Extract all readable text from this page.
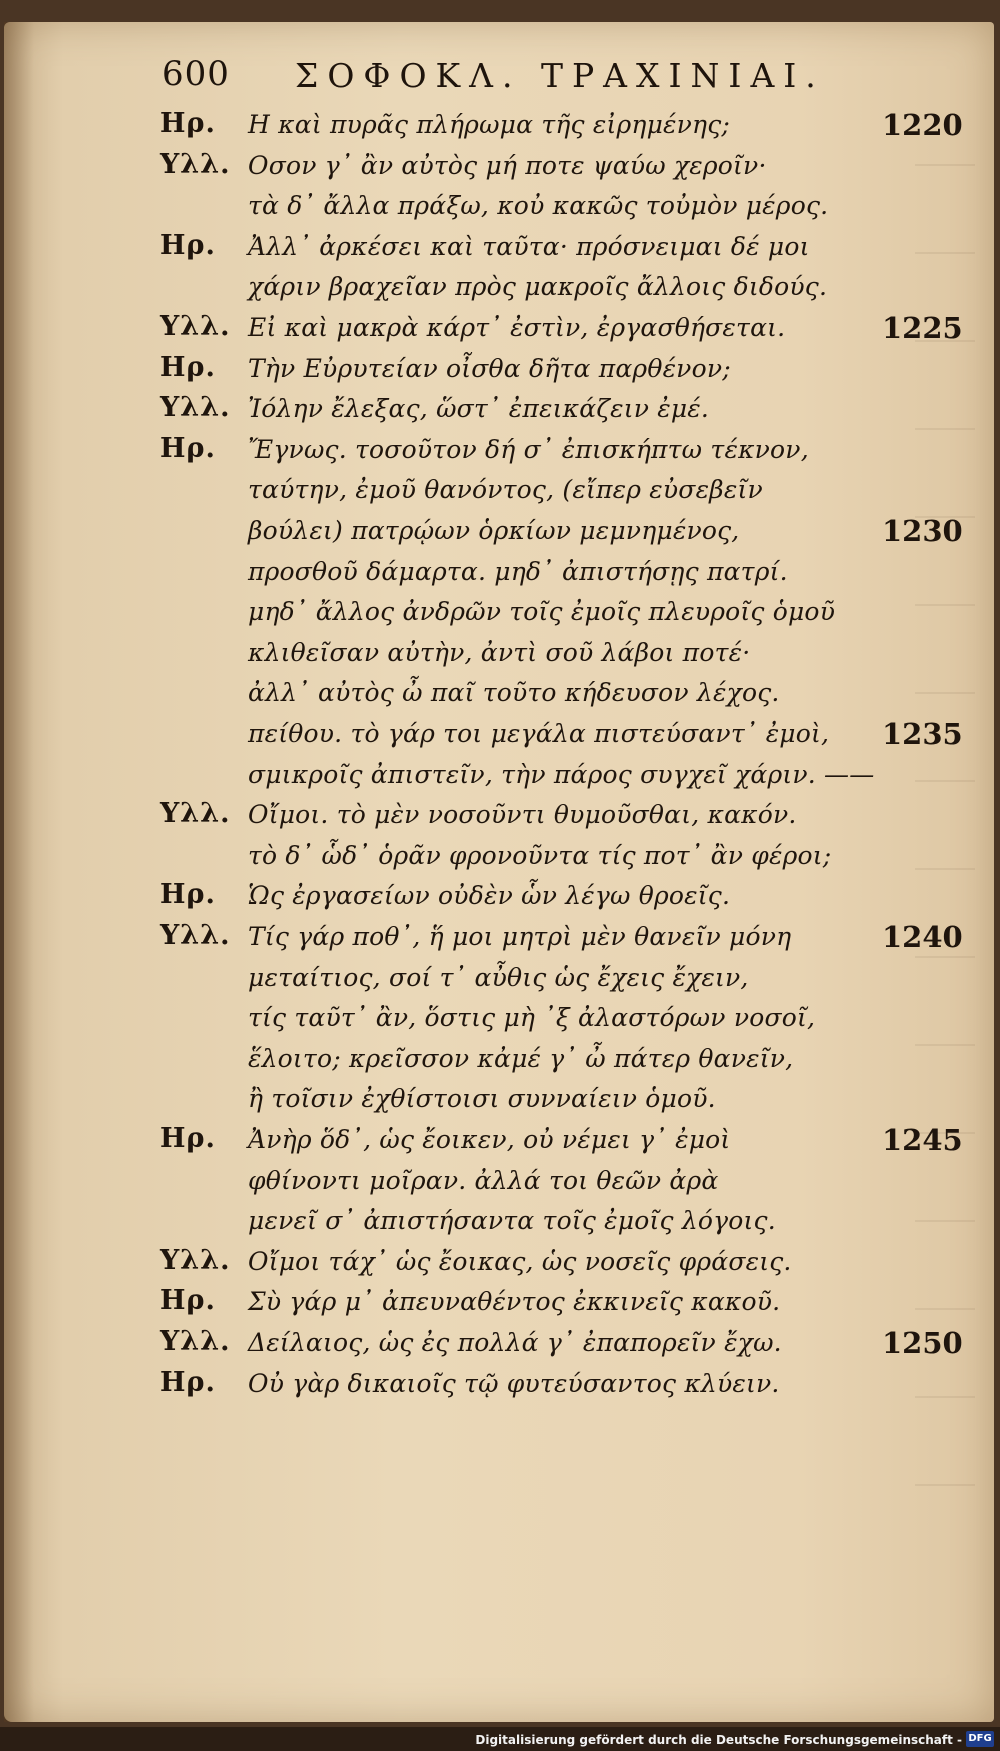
600 ΣΟΦΟΚΛ. ΤΡΑΧΙΝΙΑΙ.
Ηρ. Η καὶ πυρᾶς πλήρωμα τῆς εἰρημένης;	1220
Υλλ. Οσον γ᾽ ἂν αὐτὸς μή ποτε ψαύω χεροῖν·
τὰ δ᾽ ἄλλα πράξω, κοὐ κακῶς τοὐμὸν μέρος.
Ηρ. Ἀλλ᾽ ἀρκέσει καὶ ταῦτα· πρόσνειμαι δέ μοι
χάριν βραχεῖαν πρὸς μακροῖς ἄλλοις διδούς.
Υλλ. Εἰ καὶ μακρὰ κάρτ᾽ ἐστὶν, ἐργασθήσεται.	1225
Ηρ. Τὴν Εὐρυτείαν οἶσθα δῆτα παρθένον;
Υλλ. Ἰόλην ἔλεξας, ὥστ᾽ ἐπεικάζειν ἐμέ.
Ηρ. Ἔγνως. τοσοῦτον δή σ᾽ ἐπισκήπτω τέκνον,
ταύτην, ἐμοῦ θανόντος, (εἴπερ εὐσεβεῖν
βούλει) πατρῴων ὁρκίων μεμνημένος,	1230
προσθοῦ δάμαρτα. μηδ᾽ ἀπιστήσῃς πατρί.
μηδ᾽ ἄλλος ἀνδρῶν τοῖς ἐμοῖς πλευροῖς ὁμοῦ
κλιθεῖσαν αὐτὴν, ἀντὶ σοῦ λάβοι ποτέ·
ἀλλ᾽ αὐτὸς ὦ παῖ τοῦτο κήδευσον λέχος.
πείθου. τὸ γάρ τοι μεγάλα πιστεύσαντ᾽ ἐμοὶ, 1235
σμικροῖς ἀπιστεῖν, τὴν πάρος συγχεῖ χάριν. ——
Υλλ. Οἴμοι. τὸ μὲν νοσοῦντι θυμοῦσθαι, κακόν.
τὸ δ᾽ ὧδ᾽ ὁρᾶν φρονοῦντα τίς ποτ᾽ ἂν φέροι;
Ηρ. Ὡς ἐργασείων οὐδὲν ὧν λέγω θροεῖς.
Υλλ. Τίς γάρ ποθ᾽, ἥ μοι μητρὶ μὲν θανεῖν μόνη	1240
μεταίτιος, σοί τ᾽ αὖθις ὡς ἔχεις ἔχειν,
τίς ταῦτ᾽ ἂν, ὅστις μὴ ᾿ξ ἀλαστόρων νοσοῖ,
ἕλοιτο; κρεῖσσον κἀμέ γ᾽ ὦ πάτερ θανεῖν,
ἢ τοῖσιν ἐχθίστοισι συνναίειν ὁμοῦ.
Ηρ. Ἀνὴρ ὅδ᾽, ὡς ἔοικεν, οὐ νέμει γ᾽ ἐμοὶ	1245
φθίνοντι μοῖραν. ἀλλά τοι θεῶν ἀρὰ
μενεῖ σ᾽ ἀπιστήσαντα τοῖς ἐμοῖς λόγοις.
Υλλ. Οἴμοι τάχ᾽ ὡς ἔοικας, ὡς νοσεῖς φράσεις.
Ηρ. Σὺ γάρ μ᾽ ἀπευναθέντος ἐκκινεῖς κακοῦ.
Υλλ. Δείλαιος, ὡς ἐς πολλά γ᾽ ἐπαπορεῖν ἔχω.	1250
Ηρ. Οὐ γὰρ δικαιοῖς τῷ φυτεύσαντος κλύειν.
Digitalisierung gefördert durch die Deutsche Forschungsgemeinschaft - DFG
